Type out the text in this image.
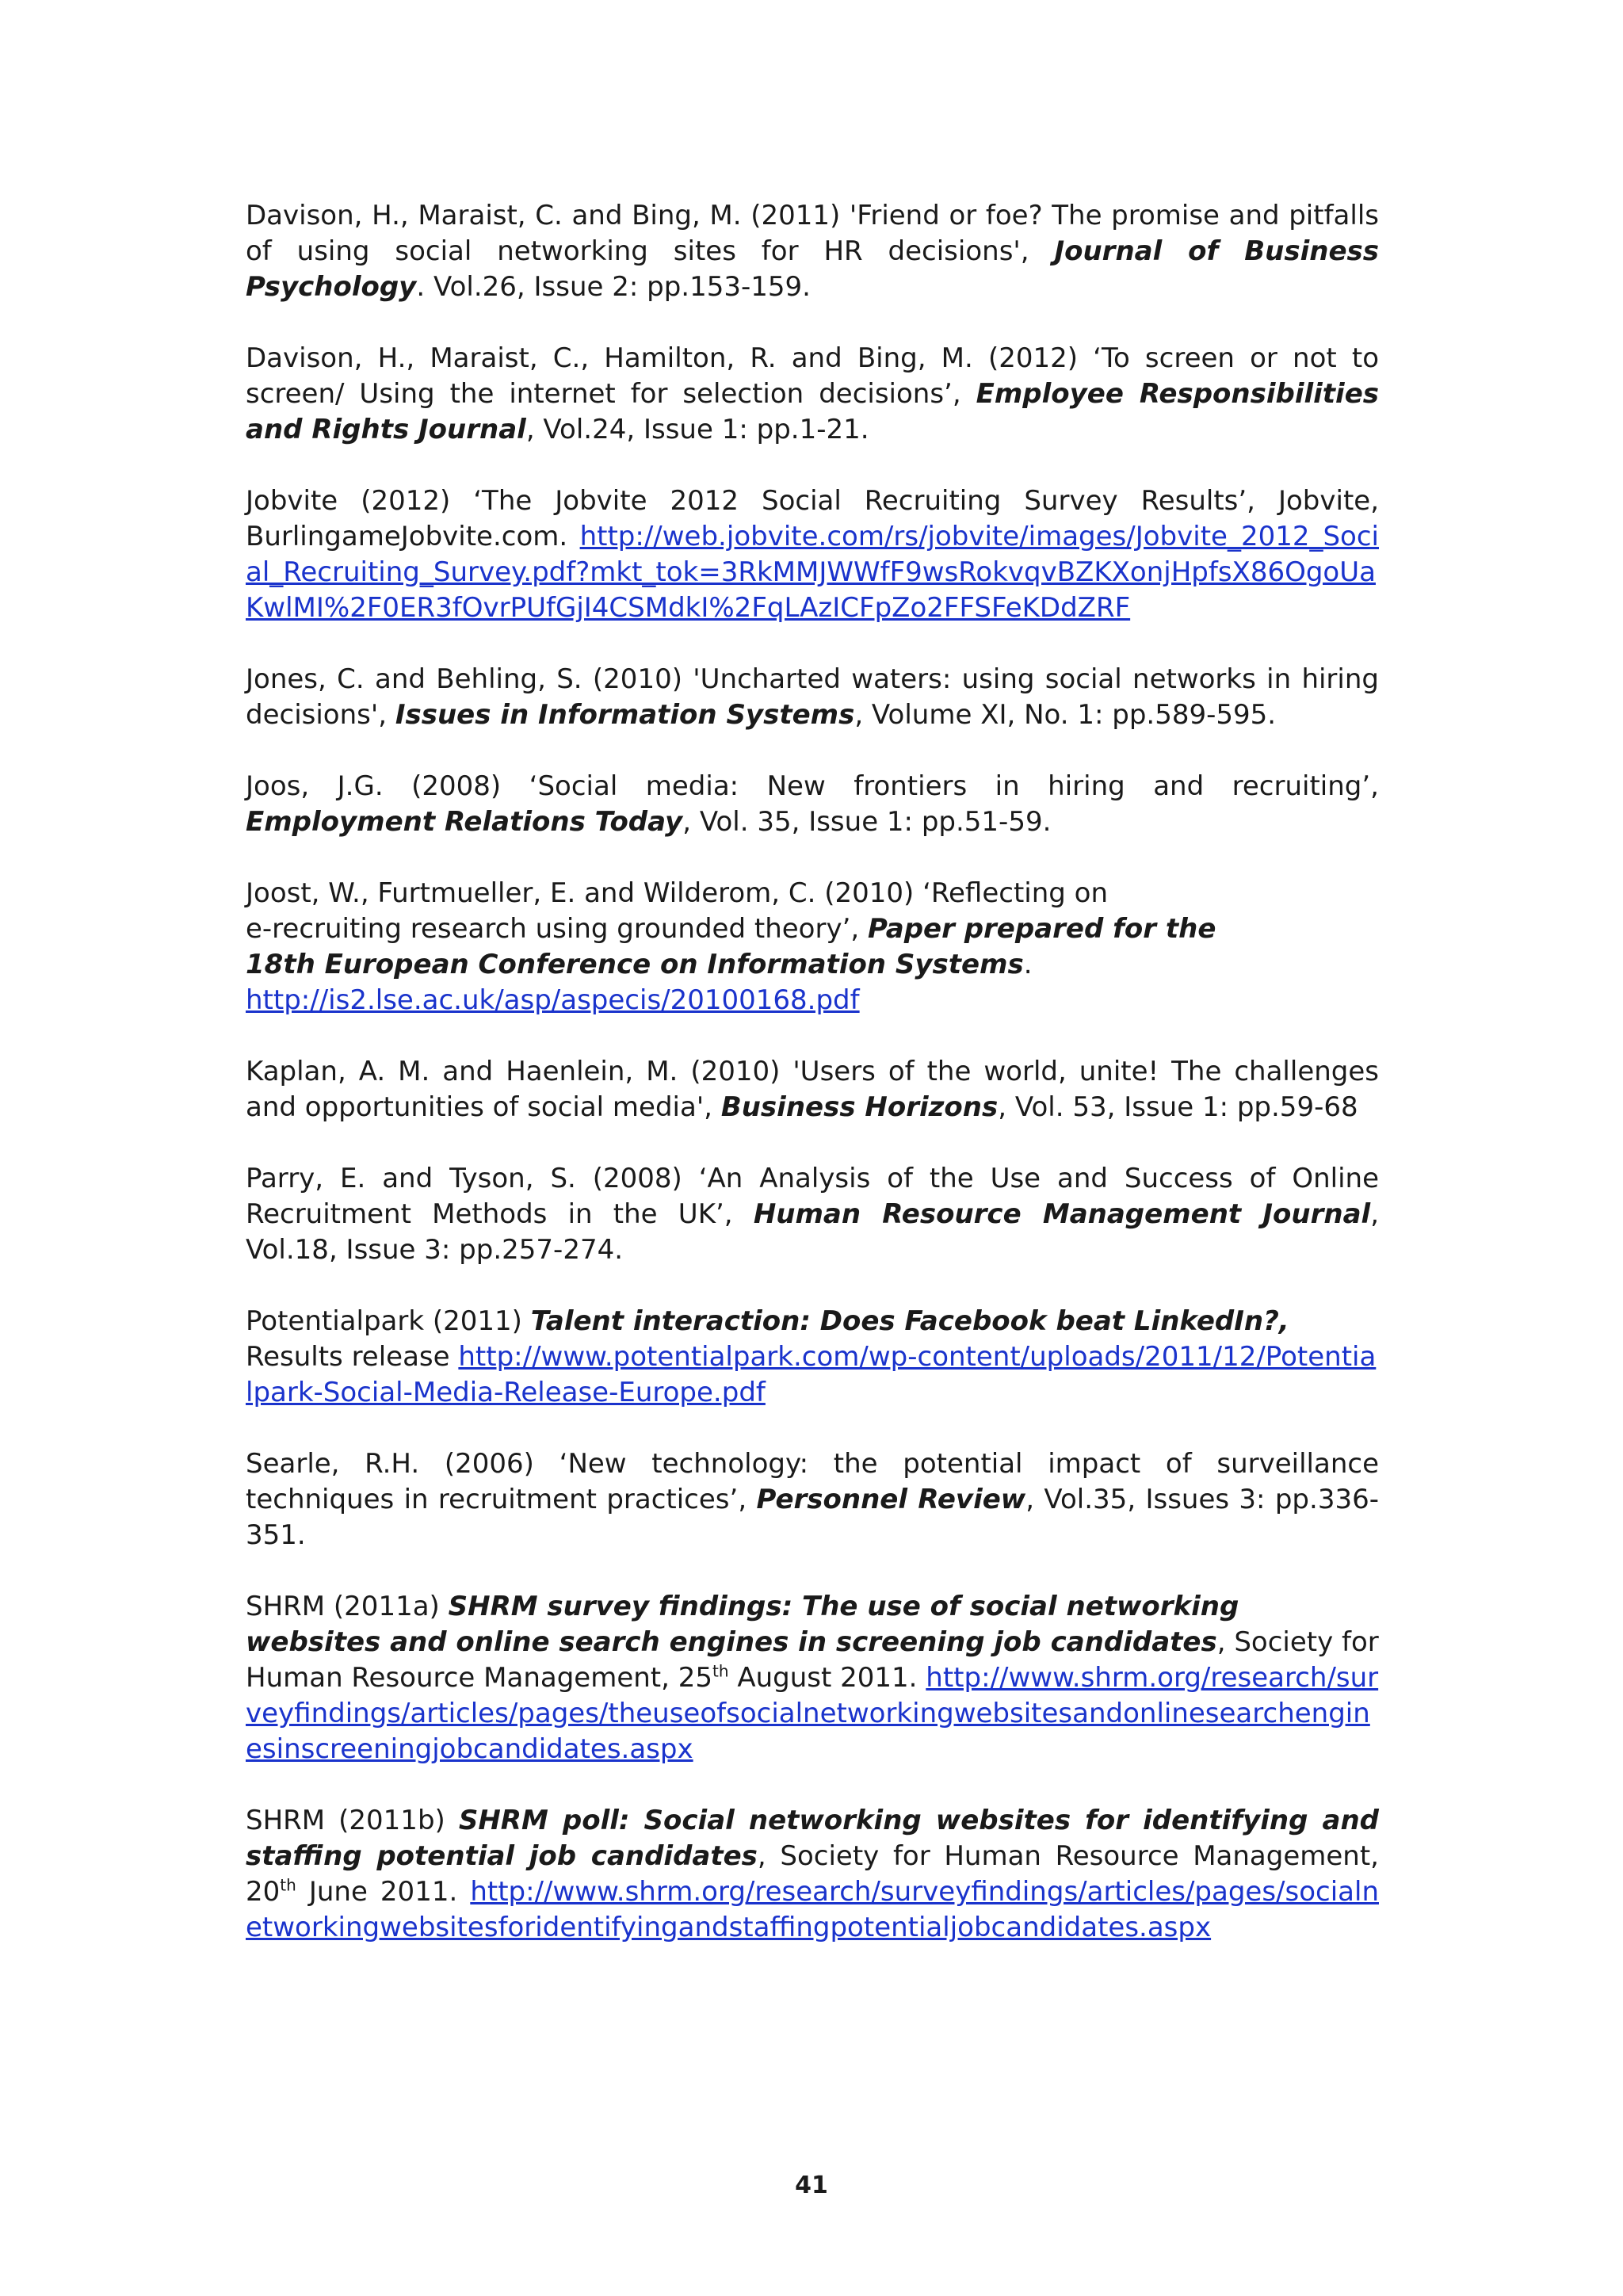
Davison, H., Maraist, C. and Bing, M. (2011) 'Friend or foe? The promise and pitfalls of using social networking sites for HR decisions', Journal of Business Psychology. Vol.26, Issue 2: pp.153-159.

Davison, H., Maraist, C., Hamilton, R. and Bing, M. (2012) ‘To screen or not to screen/ Using the internet for selection decisions’, Employee Responsibilities and Rights Journal, Vol.24, Issue 1: pp.1-21.

Jobvite (2012) ‘The Jobvite 2012 Social Recruiting Survey Results’, Jobvite, BurlingameJobvite.com. http://web.jobvite.com/rs/jobvite/images/Jobvite_2012_Social_Recruiting_Survey.pdf?mkt_tok=3RkMMJWWfF9wsRokvqvBZKXonjHpfsX86OgoUaKwlMI%2F0ER3fOvrPUfGjI4CSMdkI%2FqLAzICFpZo2FFSFeKDdZRF

Jones, C. and Behling, S. (2010) 'Uncharted waters: using social networks in hiring decisions', Issues in Information Systems, Volume XI, No. 1: pp.589-595.

Joos, J.G. (2008) ‘Social media: New frontiers in hiring and recruiting’, Employment Relations Today, Vol. 35, Issue 1: pp.51-59.

Joost, W., Furtmueller, E. and Wilderom, C. (2010) ‘Reflecting on
e-recruiting research using grounded theory’, Paper prepared for the
18th European Conference on Information Systems.
http://is2.lse.ac.uk/asp/aspecis/20100168.pdf

Kaplan, A. M. and Haenlein, M. (2010) 'Users of the world, unite! The challenges and opportunities of social media', Business Horizons, Vol. 53, Issue 1: pp.59-68

Parry, E. and Tyson, S. (2008) ‘An Analysis of the Use and Success of Online Recruitment Methods in the UK’, Human Resource Management Journal, Vol.18, Issue 3: pp.257-274.

Potentialpark (2011) Talent interaction: Does Facebook beat LinkedIn?, Results release http://www.potentialpark.com/wp-content/uploads/2011/12/Potentialpark-Social-Media-Release-Europe.pdf

Searle, R.H. (2006) ‘New technology: the potential impact of surveillance techniques in recruitment practices’, Personnel Review, Vol.35, Issues 3: pp.336-351.

SHRM (2011a) SHRM survey findings: The use of social networking websites and online search engines in screening job candidates, Society for Human Resource Management, 25th August 2011. http://www.shrm.org/research/surveyfindings/articles/pages/theuseofsocialnetworkingwebsitesandonlinesearchenginesinscreeningjobcandidates.aspx

SHRM (2011b) SHRM poll: Social networking websites for identifying and staffing potential job candidates, Society for Human Resource Management, 20th June 2011. http://www.shrm.org/research/surveyfindings/articles/pages/socialnetworkingwebsitesforidentifyingandstaffingpotentialjobcandidates.aspx

41
